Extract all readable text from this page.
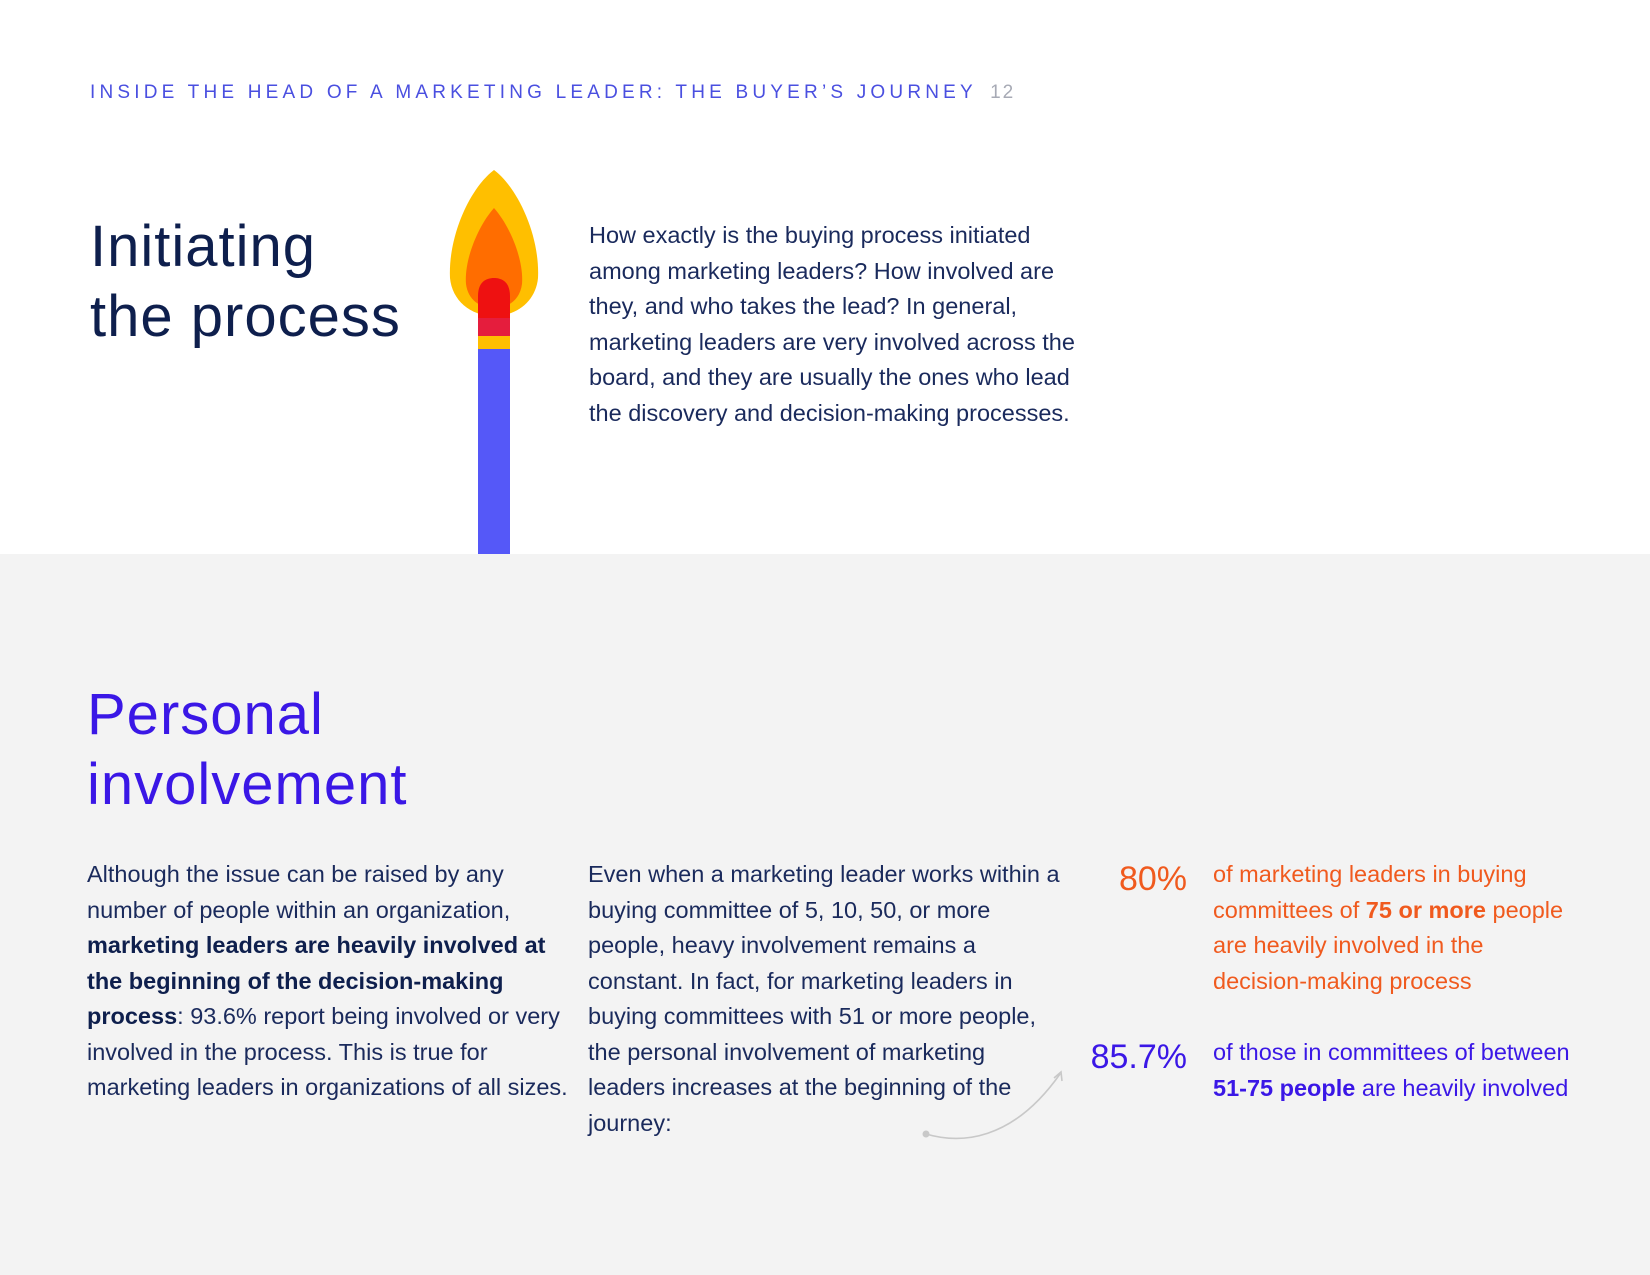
INSIDE THE HEAD OF A MARKETING LEADER: THE BUYER’S JOURNEY 12
Initiating
the process

How exactly is the buying process initiated among marketing leaders? How involved are they, and who takes the lead? In general, marketing leaders are very involved across the board, and they are usually the ones who lead the discovery and decision-making processes.

Personal
involvement

Although the issue can be raised by any number of people within an organization, marketing leaders are heavily involved at the beginning of the decision-making process: 93.6% report being involved or very involved in the process. This is true for marketing leaders in organizations of all sizes.

Even when a marketing leader works within a buying committee of 5, 10, 50, or more people, heavy involvement remains a constant. In fact, for marketing leaders in buying committees with 51 or more people, the personal involvement of marketing leaders increases at the beginning of the journey:

80% of marketing leaders in buying committees of 75 or more people are heavily involved in the decision-making process

85.7% of those in committees of between 51-75 people are heavily involved
